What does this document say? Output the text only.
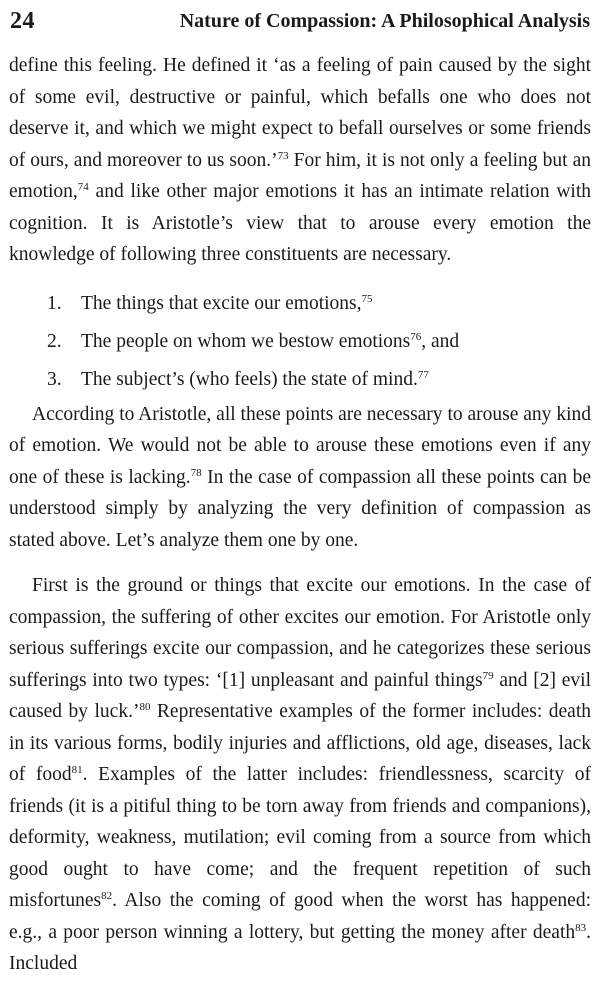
24	Nature of Compassion: A Philosophical Analysis

define this feeling. He defined it ‘as a feeling of pain caused by the sight of some evil, destructive or painful, which befalls one who does not deserve it, and which we might expect to befall ourselves or some friends of ours, and moreover to us soon.’$^{73}$ For him, it is not only a feeling but an emotion,$^{74}$ and like other major emotions it has an intimate relation with cognition. It is Aristotle’s view that to arouse every emotion the knowledge of following three constituents are necessary.

1. The things that excite our emotions,$^{75}$
2. The people on whom we bestow emotions$^{76}$, and
3. The subject’s (who feels) the state of mind.$^{77}$

According to Aristotle, all these points are necessary to arouse any kind of emotion. We would not be able to arouse these emotions even if any one of these is lacking.$^{78}$ In the case of compassion all these points can be understood simply by analyzing the very definition of compassion as stated above. Let’s analyze them one by one.

First is the ground or things that excite our emotions. In the case of compassion, the suffering of other excites our emotion. For Aristotle only serious sufferings excite our compassion, and he categorizes these serious sufferings into two types: ‘[1] unpleasant and painful things$^{79}$ and [2] evil caused by luck.’$^{80}$ Representative examples of the former includes: death in its various forms, bodily injuries and afflictions, old age, diseases, lack of food$^{81}$. Examples of the latter includes: friendlessness, scarcity of friends (it is a pitiful thing to be torn away from friends and companions), deformity, weakness, mutilation; evil coming from a source from which good ought to have come; and the frequent repetition of such misfortunes$^{82}$. Also the coming of good when the worst has happened: e.g., a poor person winning a lottery, but getting the money after death$^{83}$. Included
